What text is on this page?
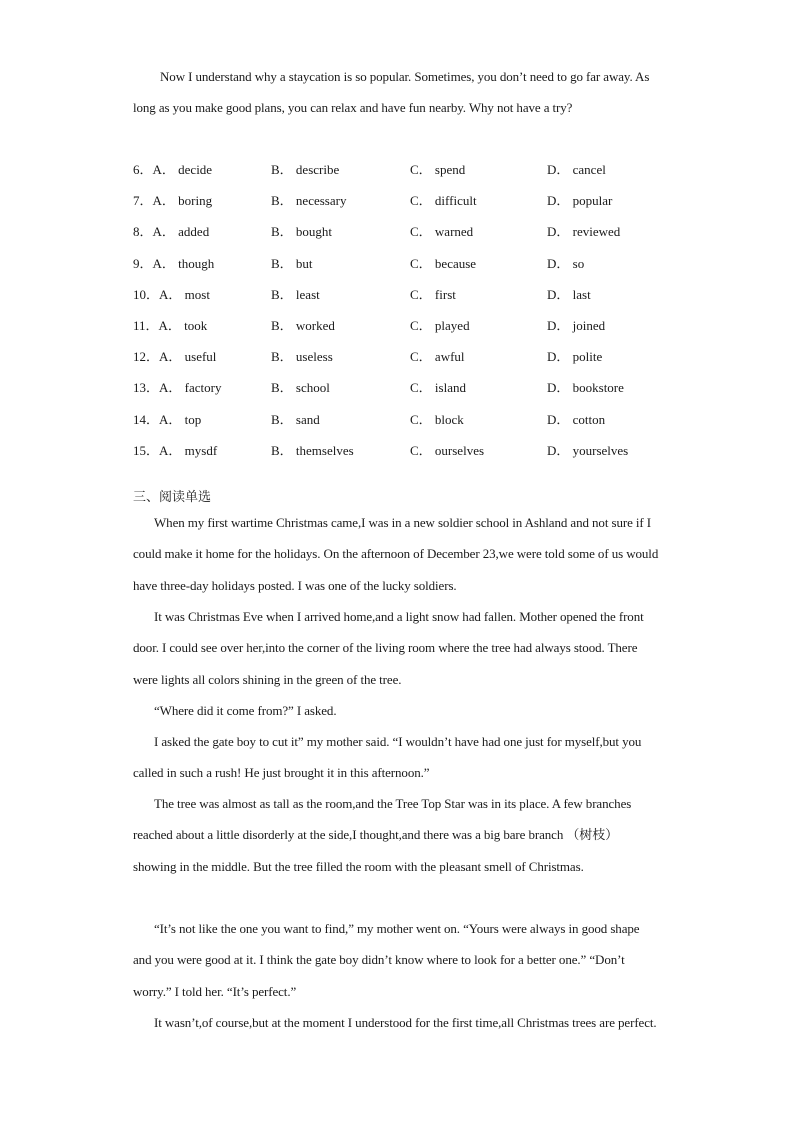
Now I understand why a staycation is so popular. Sometimes, you don’t need to go far away. As long as you make good plans, you can relax and have fun nearby. Why not have a try?

6．A． decide	B． describe	C． spend	D． cancel
7．A． boring	B． necessary	C． difficult	D． popular
8．A． added	B． bought	C． warned	D． reviewed
9．A． though	B． but	C． because	D． so
10．A． most	B． least	C． first	D． last
11．A． took	B． worked	C． played	D． joined
12．A． useful	B． useless	C． awful	D． polite
13．A． factory	B． school	C． island	D． bookstore
14．A． top	B． sand	C． block	D． cotton
15．A． mysdf	B． themselves	C． ourselves	D． yourselves
三、阅读单选

When my first wartime Christmas came,I was in a new soldier school in Ashland and not sure if I could make it home for the holidays. On the afternoon of December 23,we were told some of us would have three-day holidays posted. I was one of the lucky soldiers.

It was Christmas Eve when I arrived home,and a light snow had fallen. Mother opened the front door. I could see over her,into the corner of the living room where the tree had always stood. There were lights all colors shining in the green of the tree.

“Where did it come from?” I asked.

I asked the gate boy to cut it” my mother said. “I wouldn’t have had one just for myself,but you called in such a rush! He just brought it in this afternoon.”

The tree was almost as tall as the room,and the Tree Top Star was in its place. A few branches reached about a little disorderly at the side,I thought,and there was a big bare branch （树枝） showing in the middle. But the tree filled the room with the pleasant smell of Christmas.

“It’s not like the one you want to find,” my mother went on. “Yours were always in good shape and you were good at it. I think the gate boy didn’t know where to look for a better one.” “Don’t worry.” I told her. “It’s perfect.”

It wasn’t,of course,but at the moment I understood for the first time,all Christmas trees are perfect.
